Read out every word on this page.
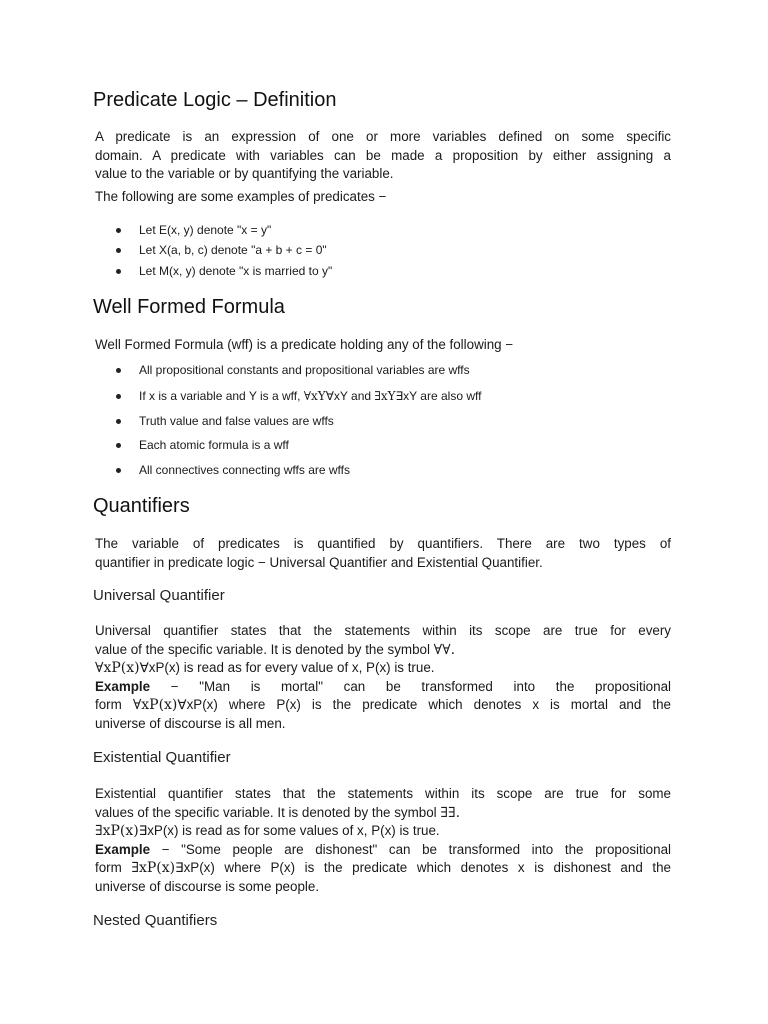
Predicate Logic – Definition
A predicate is an expression of one or more variables defined on some specific
domain. A predicate with variables can be made a proposition by either assigning a
value to the variable or by quantifying the variable.
The following are some examples of predicates −
Let E(x, y) denote "x = y"
Let X(a, b, c) denote "a + b + c = 0"
Let M(x, y) denote "x is married to y"
Well Formed Formula
Well Formed Formula (wff) is a predicate holding any of the following −
All propositional constants and propositional variables are wffs
If x is a variable and Y is a wff, ∀xY∀xY and ∃xY∃xY are also wff
Truth value and false values are wffs
Each atomic formula is a wff
All connectives connecting wffs are wffs
Quantifiers
The variable of predicates is quantified by quantifiers. There are two types of
quantifier in predicate logic − Universal Quantifier and Existential Quantifier.
Universal Quantifier
Universal quantifier states that the statements within its scope are true for every
value of the specific variable. It is denoted by the symbol ∀∀.
∀xP(x)∀xP(x) is read as for every value of x, P(x) is true.
Example − "Man is mortal" can be transformed into the propositional
form ∀xP(x)∀xP(x) where P(x) is the predicate which denotes x is mortal and the
universe of discourse is all men.
Existential Quantifier
Existential quantifier states that the statements within its scope are true for some
values of the specific variable. It is denoted by the symbol ∃∃.
∃xP(x)∃xP(x) is read as for some values of x, P(x) is true.
Example − "Some people are dishonest" can be transformed into the propositional
form ∃xP(x)∃xP(x) where P(x) is the predicate which denotes x is dishonest and the
universe of discourse is some people.
Nested Quantifiers
